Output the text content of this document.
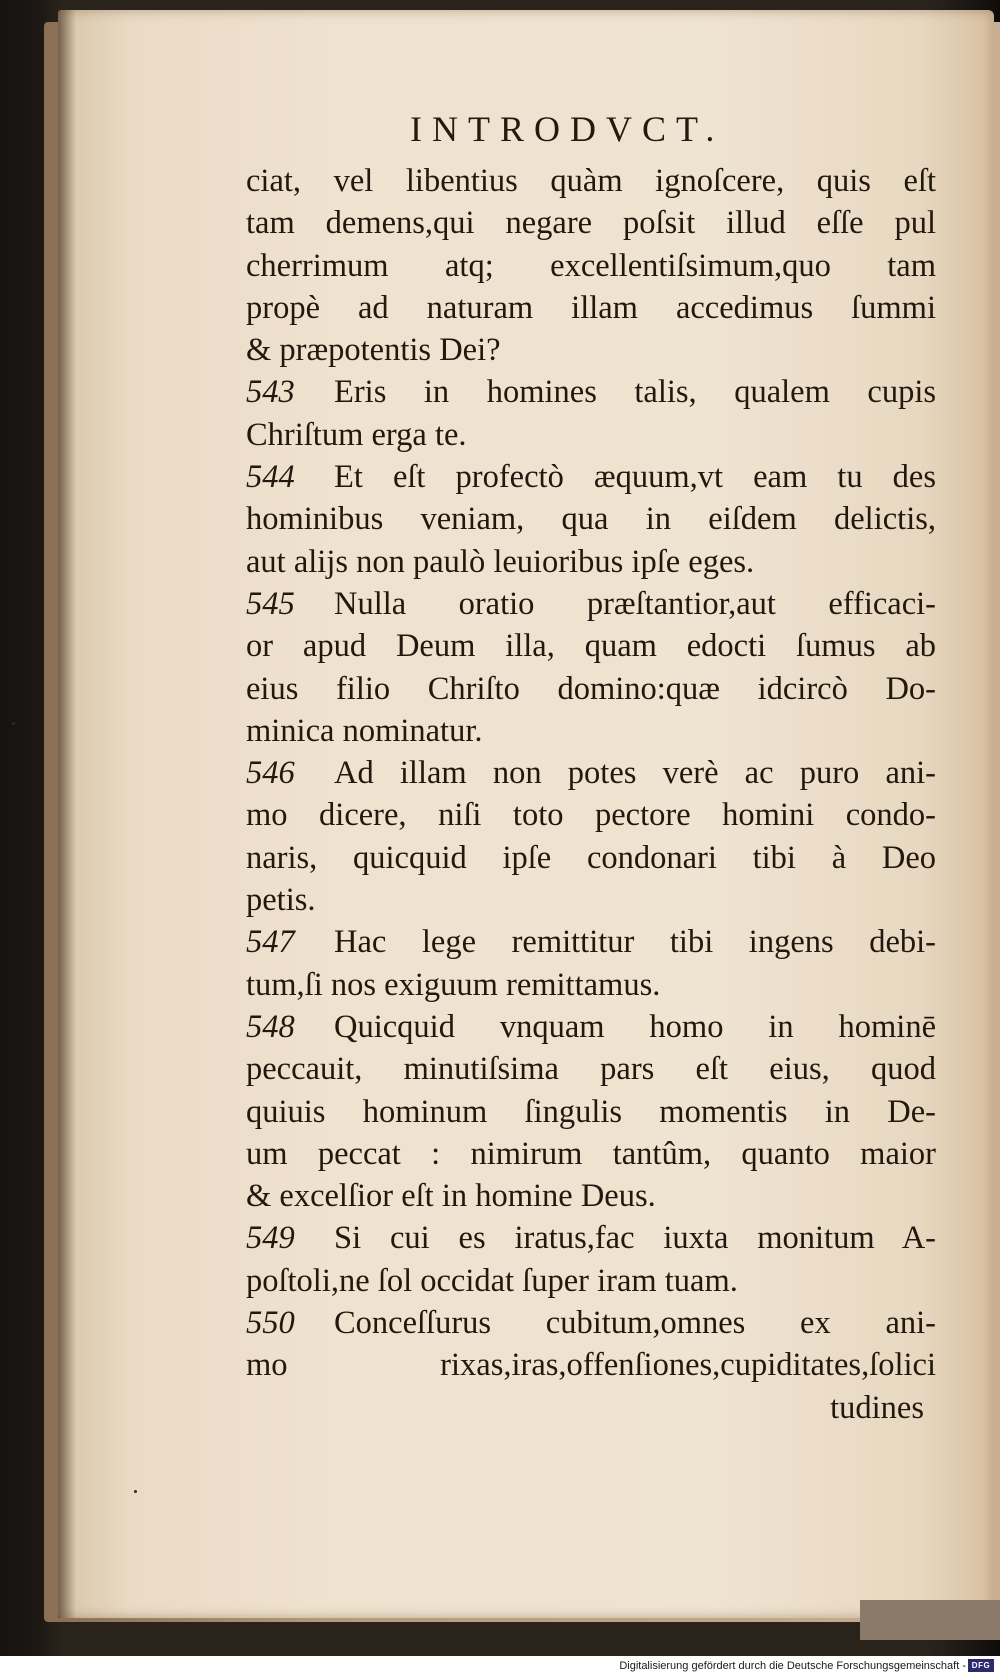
INTRODVCT.
ciat, vel libentius quàm ignoſcere, quis eſt
tam demens,qui negare poſsit illud eſſe pul
cherrimum atq; excellentiſsimum,quo tam
propè ad naturam illam accedimus ſummi
& præpotentis Dei?
543 Eris in homines talis, qualem cupis
Chriſtum erga te.
544 Et eſt profectò æquum,vt eam tu des
hominibus veniam, qua in eiſdem delictis,
aut alijs non paulò leuioribus ipſe eges.
545 Nulla oratio præſtantior,aut efficaci-
or apud Deum illa, quam edocti ſumus ab
eius filio Chriſto domino:quæ idcircò Do-
minica nominatur.
546 Ad illam non potes verè ac puro ani-
mo dicere, niſi toto pectore homini condo-
naris, quicquid ipſe condonari tibi à Deo
petis.
547 Hac lege remittitur tibi ingens debi-
tum,ſi nos exiguum remittamus.
548 Quicquid vnquam homo in hominē
peccauit, minutiſsima pars eſt eius, quod
quiuis hominum ſingulis momentis in De-
um peccat : nimirum tantûm, quanto maior
& excelſior eſt in homine Deus.
549 Si cui es iratus,fac iuxta monitum A-
poſtoli,ne ſol occidat ſuper iram tuam.
550 Conceſſurus cubitum,omnes ex ani-
mo rixas,iras,offenſiones,cupiditates,ſolici
tudines
Digitalisierung gefördert durch die Deutsche Forschungsgemeinschaft - DFG
